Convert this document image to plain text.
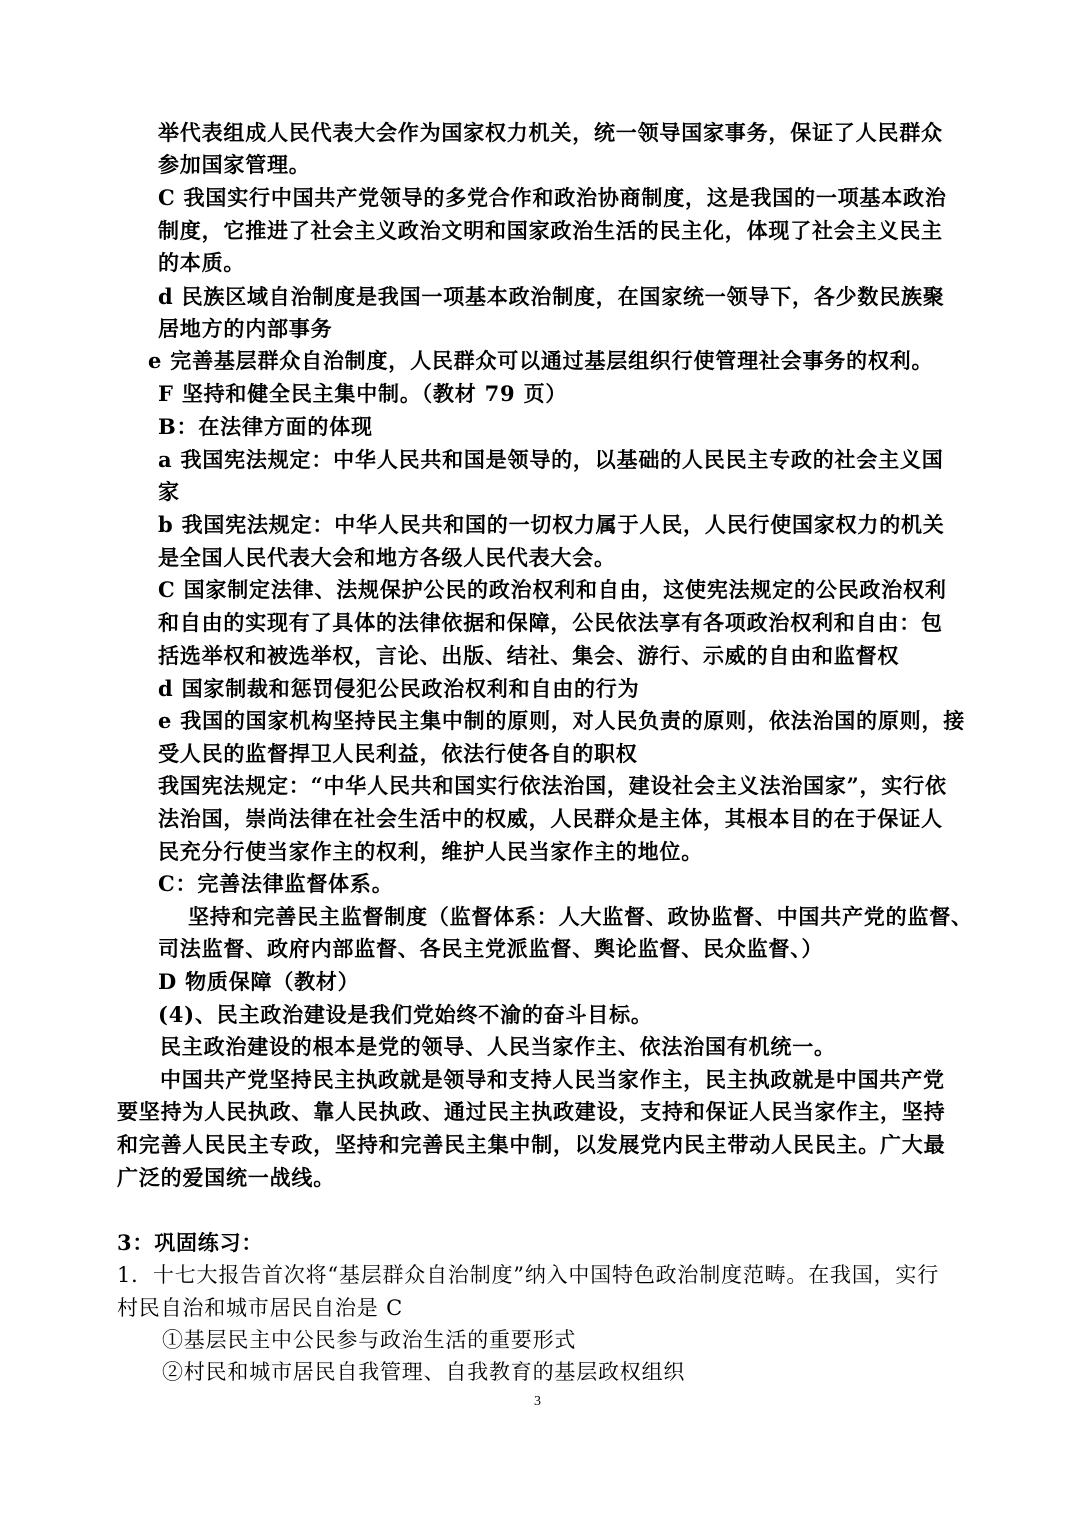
举代表组成人民代表大会作为国家权力机关，统一领导国家事务，保证了人民群众
参加国家管理。
C 我国实行中国共产党领导的多党合作和政治协商制度，这是我国的一项基本政治
制度，它推进了社会主义政治文明和国家政治生活的民主化，体现了社会主义民主
的本质。
d 民族区域自治制度是我国一项基本政治制度，在国家统一领导下，各少数民族聚
居地方的内部事务
e 完善基层群众自治制度，人民群众可以通过基层组织行使管理社会事务的权利。
F 坚持和健全民主集中制。（教材 79 页）
B：在法律方面的体现
a 我国宪法规定：中华人民共和国是领导的，以基础的人民民主专政的社会主义国
家
b 我国宪法规定：中华人民共和国的一切权力属于人民，人民行使国家权力的机关
是全国人民代表大会和地方各级人民代表大会。
C 国家制定法律、法规保护公民的政治权利和自由，这使宪法规定的公民政治权利
和自由的实现有了具体的法律依据和保障，公民依法享有各项政治权利和自由：包
括选举权和被选举权，言论、出版、结社、集会、游行、示威的自由和监督权
d 国家制裁和惩罚侵犯公民政治权利和自由的行为
e 我国的国家机构坚持民主集中制的原则，对人民负责的原则，依法治国的原则，接
受人民的监督捍卫人民利益，依法行使各自的职权
我国宪法规定：“中华人民共和国实行依法治国，建设社会主义法治国家”，实行依
法治国，崇尚法律在社会生活中的权威，人民群众是主体，其根本目的在于保证人
民充分行使当家作主的权利，维护人民当家作主的地位。
C：完善法律监督体系。
坚持和完善民主监督制度（监督体系：人大监督、政协监督、中国共产党的监督、
司法监督、政府内部监督、各民主党派监督、舆论监督、民众监督、）
D 物质保障（教材）
(4)、民主政治建设是我们党始终不渝的奋斗目标。
民主政治建设的根本是党的领导、人民当家作主、依法治国有机统一。
中国共产党坚持民主执政就是领导和支持人民当家作主，民主执政就是中国共产党
要坚持为人民执政、靠人民执政、通过民主执政建设，支持和保证人民当家作主，坚持
和完善人民民主专政，坚持和完善民主集中制，以发展党内民主带动人民民主。广大最
广泛的爱国统一战线。
3：巩固练习：
1．十七大报告首次将“基层群众自治制度”纳入中国特色政治制度范畴。在我国，实行
村民自治和城市居民自治是 C
①基层民主中公民参与政治生活的重要形式
②村民和城市居民自我管理、自我教育的基层政权组织
3
